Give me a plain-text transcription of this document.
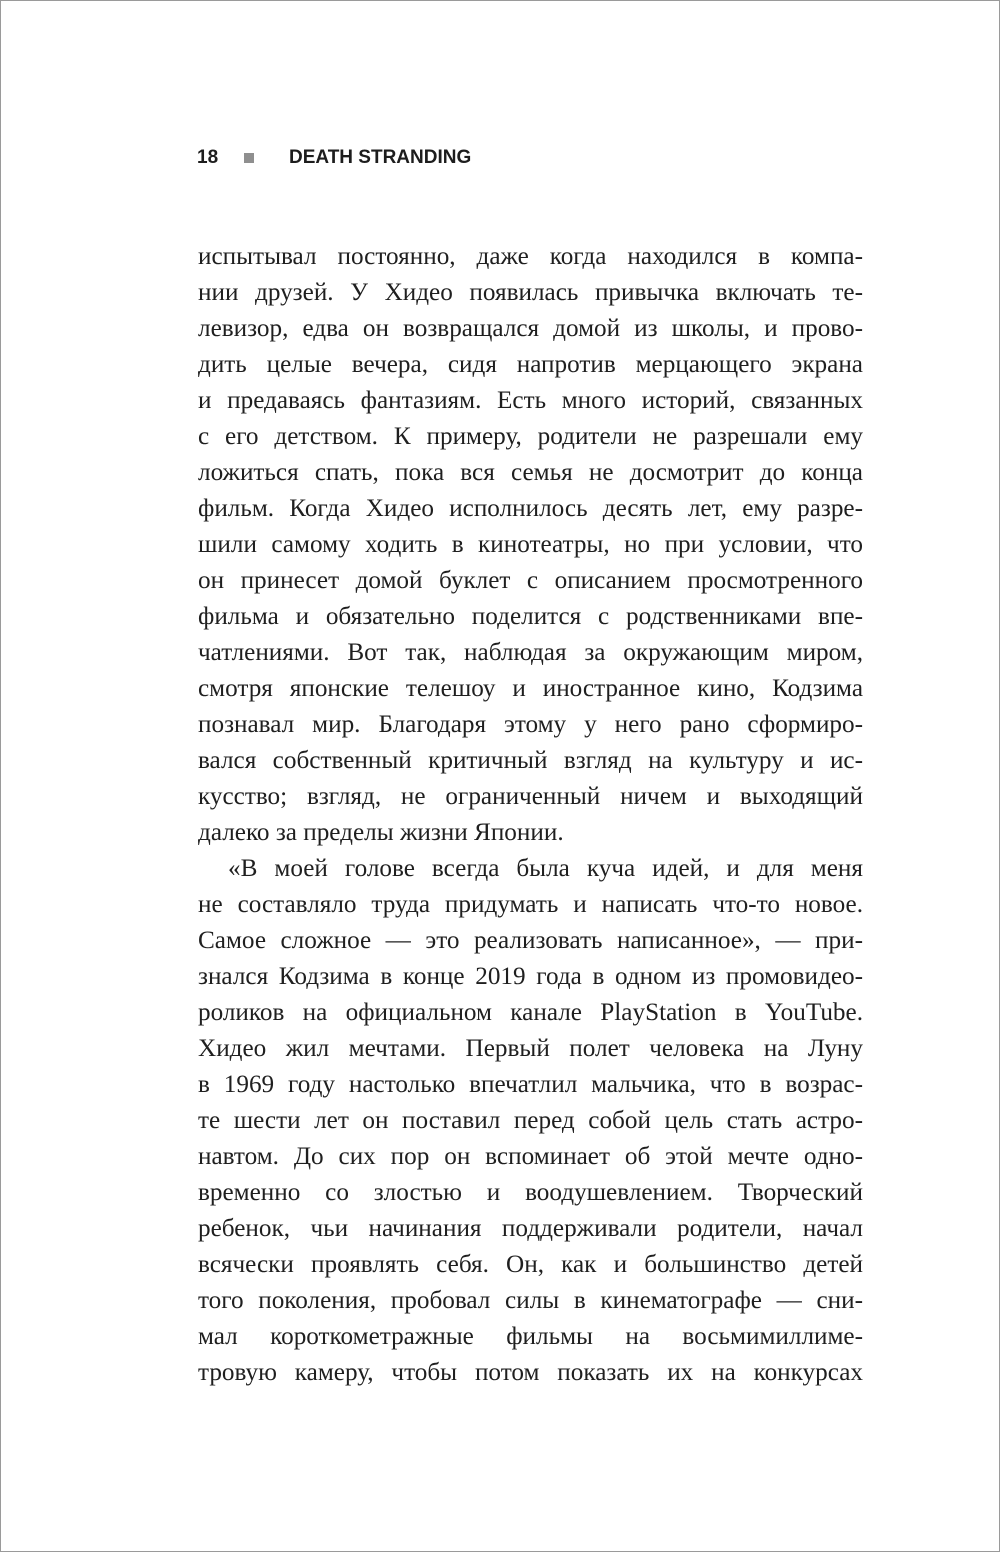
18	DEATH STRANDING
испытывал постоянно, даже когда находился в компа-
нии друзей. У Хидео появилась привычка включать те-
левизор, едва он возвращался домой из школы, и прово-
дить целые вечера, сидя напротив мерцающего экрана
и предаваясь фантазиям. Есть много историй, связанных
с его детством. К примеру, родители не разрешали ему
ложиться спать, пока вся семья не досмотрит до конца
фильм. Когда Хидео исполнилось десять лет, ему разре-
шили самому ходить в кинотеатры, но при условии, что
он принесет домой буклет с описанием просмотренного
фильма и обязательно поделится с родственниками впе-
чатлениями. Вот так, наблюдая за окружающим миром,
смотря японские телешоу и иностранное кино, Кодзима
познавал мир. Благодаря этому у него рано сформиро-
вался собственный критичный взгляд на культуру и ис-
кусство; взгляд, не ограниченный ничем и выходящий
далеко за пределы жизни Японии.
«В моей голове всегда была куча идей, и для меня
не составляло труда придумать и написать что-то новое.
Самое сложное — это реализовать написанное», — при-
знался Кодзима в конце 2019 года в одном из промовидео-
роликов на официальном канале PlayStation в YouTube.
Хидео жил мечтами. Первый полет человека на Луну
в 1969 году настолько впечатлил мальчика, что в возрас-
те шести лет он поставил перед собой цель стать астро-
навтом. До сих пор он вспоминает об этой мечте одно-
временно со злостью и воодушевлением. Творческий
ребенок, чьи начинания поддерживали родители, начал
всячески проявлять себя. Он, как и большинство детей
того поколения, пробовал силы в кинематографе — сни-
мал короткометражные фильмы на восьмимиллиме-
тровую камеру, чтобы потом показать их на конкурсах
